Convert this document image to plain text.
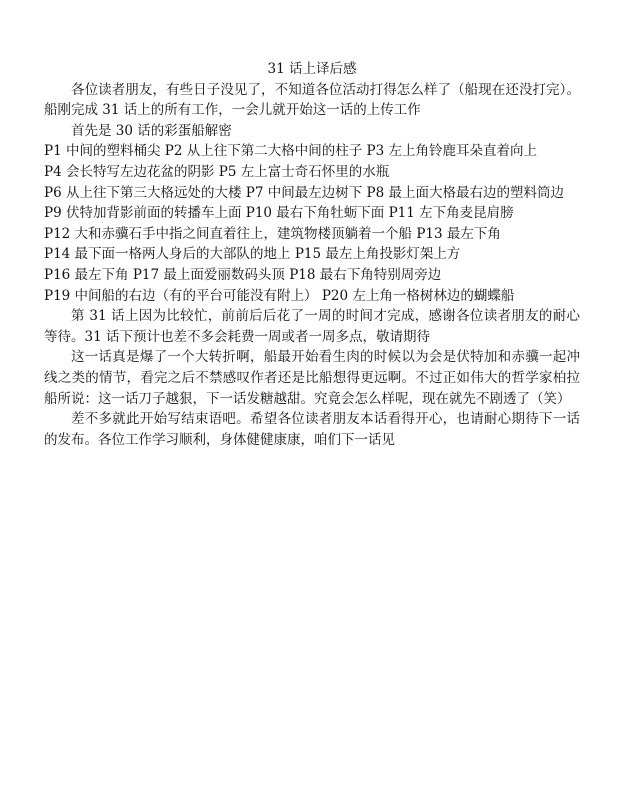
31 话上译后感

各位读者朋友，有些日子没见了，不知道各位活动打得怎么样了（船现在还没打完）。船刚完成 31 话上的所有工作，一会儿就开始这一话的上传工作

首先是 30 话的彩蛋船解密

P1 中间的塑料桶尖 P2 从上往下第二大格中间的柱子 P3 左上角铃鹿耳朵直着向上

P4 会长特写左边花盆的阴影 P5 左上富士奇石怀里的水瓶

P6 从上往下第三大格远处的大楼 P7 中间最左边树下 P8 最上面大格最右边的塑料筒边

P9 伏特加背影前面的转播车上面 P10 最右下角牡蛎下面 P11 左下角麦昆肩膀

P12 大和赤骥石手中指之间直着往上，建筑物楼顶躺着一个船 P13 最左下角

P14 最下面一格两人身后的大部队的地上 P15 最左上角投影灯架上方

P16 最左下角 P17 最上面爱丽数码头顶 P18 最右下角特别周旁边

P19 中间船的右边（有的平台可能没有附上） P20 左上角一格树林边的蝴蝶船

第 31 话上因为比较忙，前前后后花了一周的时间才完成，感谢各位读者朋友的耐心等待。31 话下预计也差不多会耗费一周或者一周多点，敬请期待

这一话真是爆了一个大转折啊，船最开始看生肉的时候以为会是伏特加和赤骥一起冲线之类的情节，看完之后不禁感叹作者还是比船想得更远啊。不过正如伟大的哲学家柏拉船所说：这一话刀子越狠，下一话发糖越甜。究竟会怎么样呢，现在就先不剧透了（笑）

差不多就此开始写结束语吧。希望各位读者朋友本话看得开心，也请耐心期待下一话的发布。各位工作学习顺利，身体健健康康，咱们下一话见
